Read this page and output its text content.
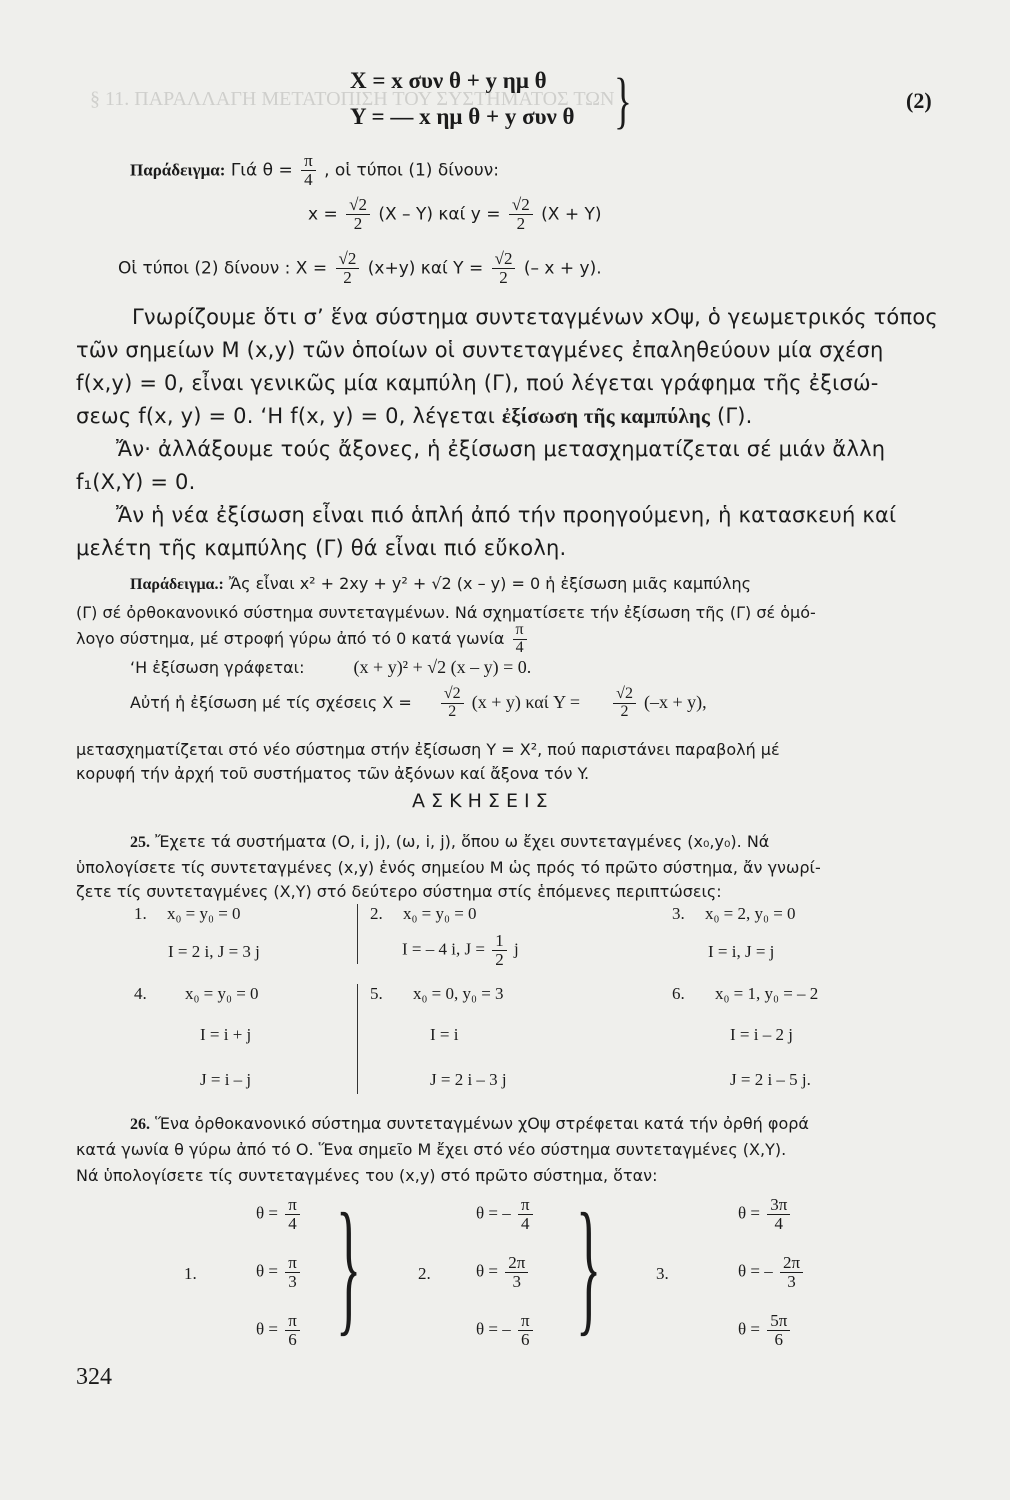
§ 11. ΠΑΡΑΛΛΑΓΗ ΜΕΤΑΤΟΠΙΣΗ ΤΟΥ ΣΥΣΤΗΜΑΤΟΣ ΤΩΝ
X = x συν θ + y ημ θ
Y = — x ημ θ + y συν θ }	(2)
Παράδειγμα: Γιά $\theta = \frac{\pi}{4}$ , οἱ τύποι (1) δίνουν:
$x = \frac{√2}{2} (X - Y)$ καί $y = \frac{√2}{2} (X + Y)$
Οἱ τύποι (2) δίνουν : $X = \frac{√2}{2} (x+y)$ καί $Y = \frac{√2}{2}$ (– x + y).
Γνωρίζουμε ὅτι σ’ ἕνα σύστημα συντεταγμένων xΟψ, ὁ γεωμετρικός τόπος
τῶν σημείων Μ (x,y) τῶν ὁποίων οἱ συντεταγμένες ἐπαληθεύουν μία σχέση
f(x,y) = 0, εἶναι γενικῶς μία καμπύλη (Γ), πού λέγεται γράφημα τῆς ἐξισώ-
σεως f(x, y) = 0. ‘Η f(x, y) = 0, λέγεται ἐξίσωση τῆς καμπύλης (Γ).
Ἄν· ἀλλάξουμε τούς ἄξονες, ἡ ἐξίσωση μετασχηματίζεται σέ μιάν ἄλλη
f₁(X,Y) = 0.
Ἄν ἡ νέα ἐξίσωση εἶναι πιό ἁπλή ἀπό τήν προηγούμενη, ἡ κατασκευή καί
μελέτη τῆς καμπύλης (Γ) θά εἶναι πιό εὔκολη.
Παράδειγμα.: Ἄς εἶναι x² + 2xy + y² + √2 (x – y) = 0 ἡ ἐξίσωση μιᾶς καμπύλης
(Γ) σέ ὀρθοκανονικό σύστημα συντεταγμένων. Νά σχηματίσετε τήν ἐξίσωση τῆς (Γ) σέ ὁμό-
λογο σύστημα, μέ στροφή γύρω ἀπό τό 0 κατά γωνία $\frac{\pi}{4}$
‘Η ἐξίσωση γράφεται:	(x + y)² + √2 (x – y) = 0.
Αὐτή ἡ ἐξίσωση μέ τίς σχέσεις $X = \frac{√2}{2} (x + y)$ καί $Y = \frac{√2}{2} (-x + y)$,
μετασχηματίζεται στό νέο σύστημα στήν ἐξίσωση Y = X², πού παριστάνει παραβολή μέ
κορυφή τήν ἀρχή τοῦ συστήματος τῶν ἀξόνων καί ἄξονα τόν Y.
Α Σ Κ Η Σ Ε Ι Σ
25. Ἔχετε τά συστήματα (Ο, i, j), (ω, i, j), ὅπου ω ἔχει συντεταγμένες (x₀,y₀). Νά
ὑπολογίσετε τίς συντεταγμένες (x,y) ἑνός σημείου Μ ὡς πρός τό πρῶτο σύστημα, ἄν γνωρί-
ζετε τίς συντεταγμένες (X,Y) στό δεύτερο σύστημα στίς ἑπόμενες περιπτώσεις:
1. x₀ = y₀ = 0
I = 2 i, J = 3 j
2. x₀ = y₀ = 0
I = – 4 i, $J = \frac{1}{2}$ j
3. x₀ = 2, y₀ = 0
I = i, J = j
4. x₀ = y₀ = 0
I = i + j
J = i – j
5. x₀ = 0, y₀ = 3
I = i
J = 2 i – 3 j
6. x₀ = 1, y₀ = – 2
I = i – 2 j
J = 2 i – 5 j.
26. Ἕνα ὀρθοκανονικό σύστημα συντεταγμένων χΟψ στρέφεται κατά τήν ὀρθή φορά
κατά γωνία θ γύρω ἀπό τό Ο. Ἕνα σημεῖο Μ ἔχει στό νέο σύστημα συντεταγμένες (X,Y).
Νά ὑπολογίσετε τίς συντεταγμένες του (x,y) στό πρῶτο σύστημα, ὅταν:
1.
$\theta = \frac{\pi}{4}$
$\theta = \frac{\pi}{3}$
$\theta = \frac{\pi}{6}$ }	2.
θ = – $\frac{\pi}{4}$
$\theta = \frac{2\pi}{3}$
θ = – $\frac{\pi}{6}$ }	3.
$\theta = \frac{3\pi}{4}$
θ = – $\frac{2\pi}{3}$
$\theta = \frac{5\pi}{6}$
324
